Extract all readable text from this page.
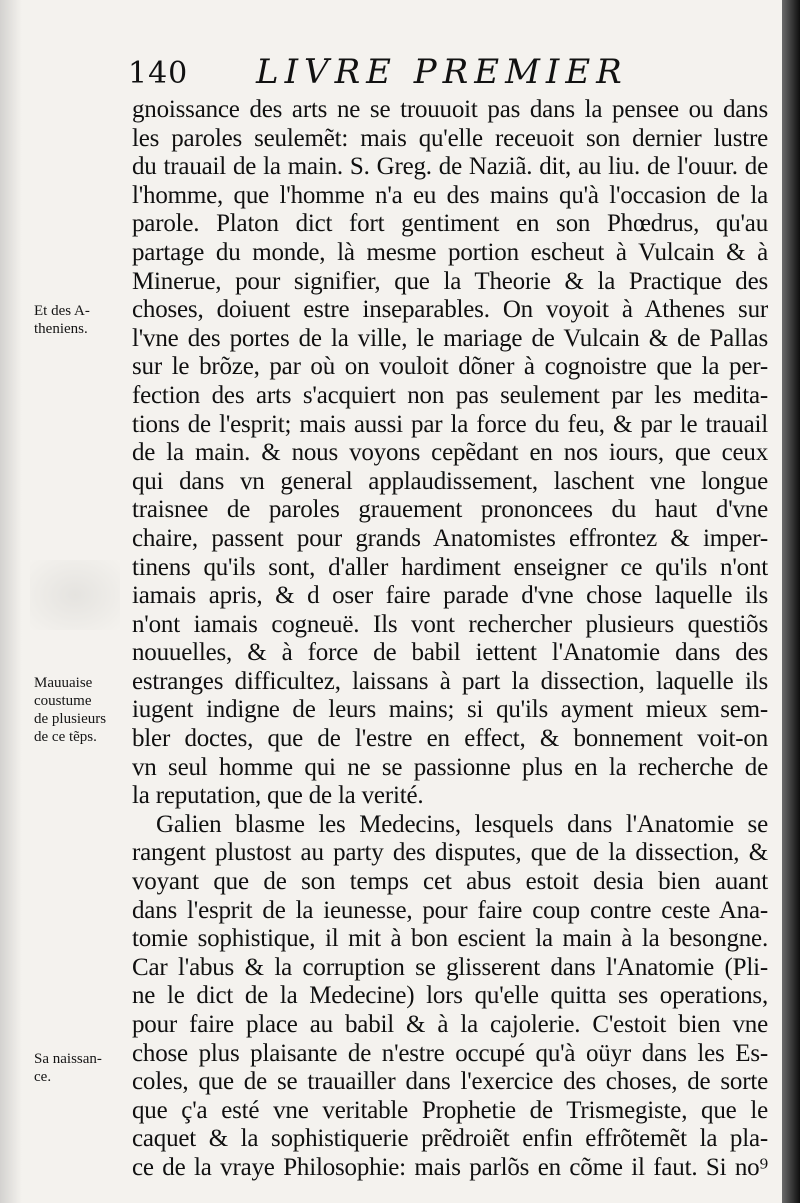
140 LIVRE PREMIER
Et des A-
theniens.
Mauuaise
coustume
de plusieurs
de ce tẽps.
Sa naissan-
ce.
gnoissance des arts ne se trouuoit pas dans la pensee ou dans
les paroles seulemẽt: mais qu'elle receuoit son dernier lustre
du trauail de la main. S. Greg. de Naziã. dit, au liu. de l'ouur. de
l'homme, que l'homme n'a eu des mains qu'à l'occasion de la
parole. Platon dict fort gentiment en son Phœdrus, qu'au
partage du monde, là mesme portion escheut à Vulcain & à
Minerue, pour signifier, que la Theorie & la Practique des
choses, doiuent estre inseparables. On voyoit à Athenes sur
l'vne des portes de la ville, le mariage de Vulcain & de Pallas
sur le brõze, par où on vouloit dõner à cognoistre que la per-
fection des arts s'acquiert non pas seulement par les medita-
tions de l'esprit; mais aussi par la force du feu, & par le trauail
de la main. & nous voyons cepẽdant en nos iours, que ceux
qui dans vn general applaudissement, laschent vne longue
traisnee de paroles grauement prononcees du haut d'vne
chaire, passent pour grands Anatomistes effrontez & imper-
tinens qu'ils sont, d'aller hardiment enseigner ce qu'ils n'ont
iamais apris, & d oser faire parade d'vne chose laquelle ils
n'ont iamais cogneuë. Ils vont rechercher plusieurs questiõs
nouuelles, & à force de babil iettent l'Anatomie dans des
estranges difficultez, laissans à part la dissection, laquelle ils
iugent indigne de leurs mains; si qu'ils ayment mieux sem-
bler doctes, que de l'estre en effect, & bonnement voit-on
vn seul homme qui ne se passionne plus en la recherche de
la reputation, que de la verité.
Galien blasme les Medecins, lesquels dans l'Anatomie se
rangent plustost au party des disputes, que de la dissection, &
voyant que de son temps cet abus estoit desia bien auant
dans l'esprit de la ieunesse, pour faire coup contre ceste Ana-
tomie sophistique, il mit à bon escient la main à la besongne.
Car l'abus & la corruption se glisserent dans l'Anatomie (Pli-
ne le dict de la Medecine) lors qu'elle quitta ses operations,
pour faire place au babil & à la cajolerie. C'estoit bien vne
chose plus plaisante de n'estre occupé qu'à oüyr dans les Es-
coles, que de se trauailler dans l'exercice des choses, de sorte
que ç'a esté vne veritable Prophetie de Trismegiste, que le
caquet & la sophistiquerie prẽdroiẽt enfin effrõtemẽt la pla-
ce de la vraye Philosophie: mais parlõs en cõme il faut. Si no⁹
